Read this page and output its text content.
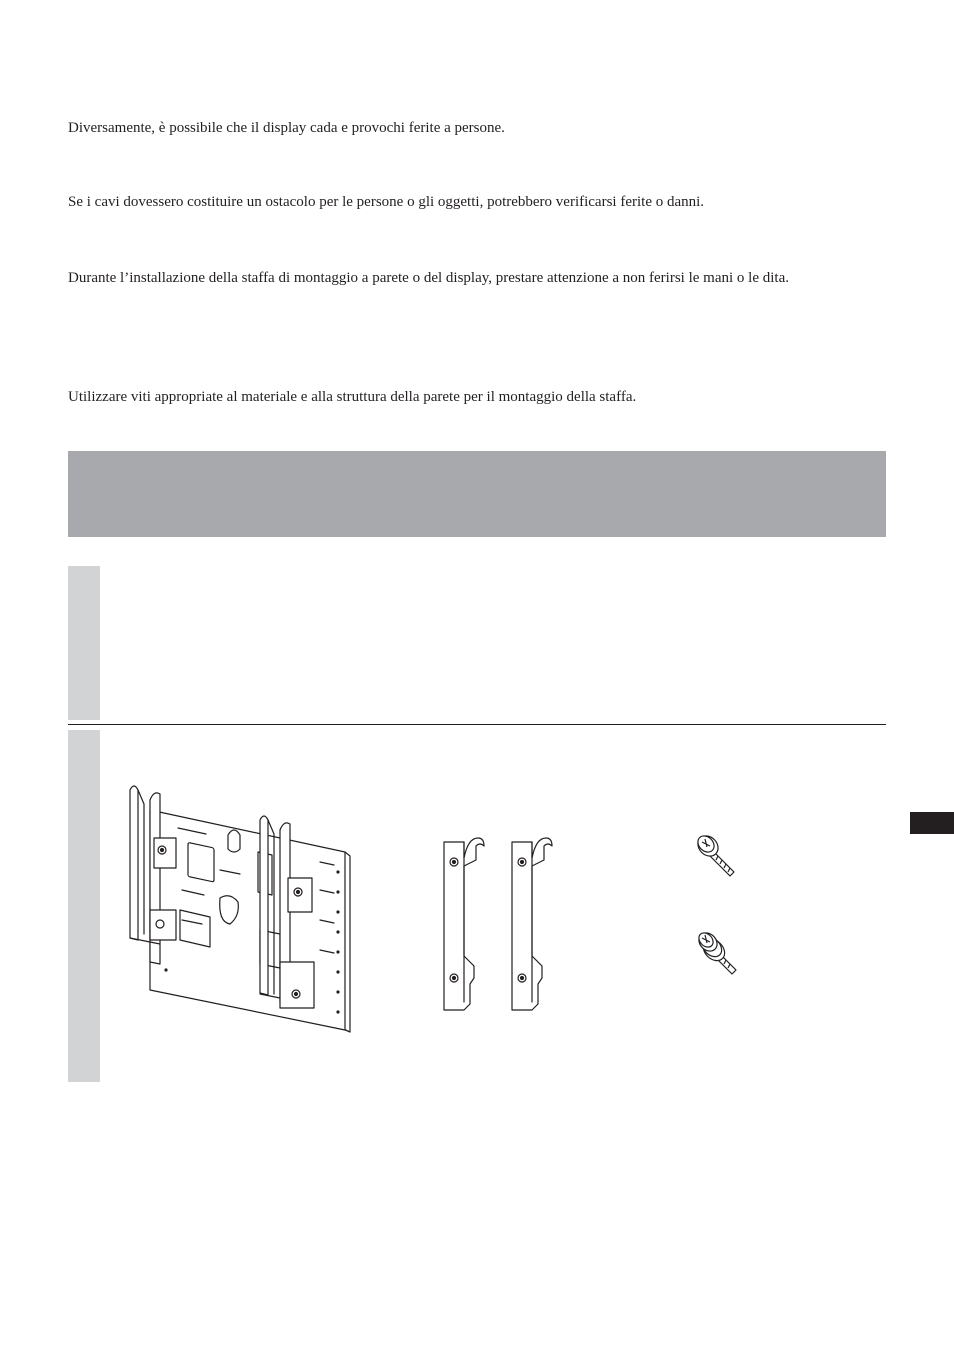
Diversamente, è possibile che il display cada e provochi ferite a persone.

Se i cavi dovessero costituire un ostacolo per le persone o gli oggetti, potrebbero verificarsi ferite o danni.

Durante l’installazione della staffa di montaggio a parete o del display, prestare attenzione a non ferirsi le mani o le dita.

Utilizzare viti appropriate al materiale e alla struttura della parete per il montaggio della staffa.
